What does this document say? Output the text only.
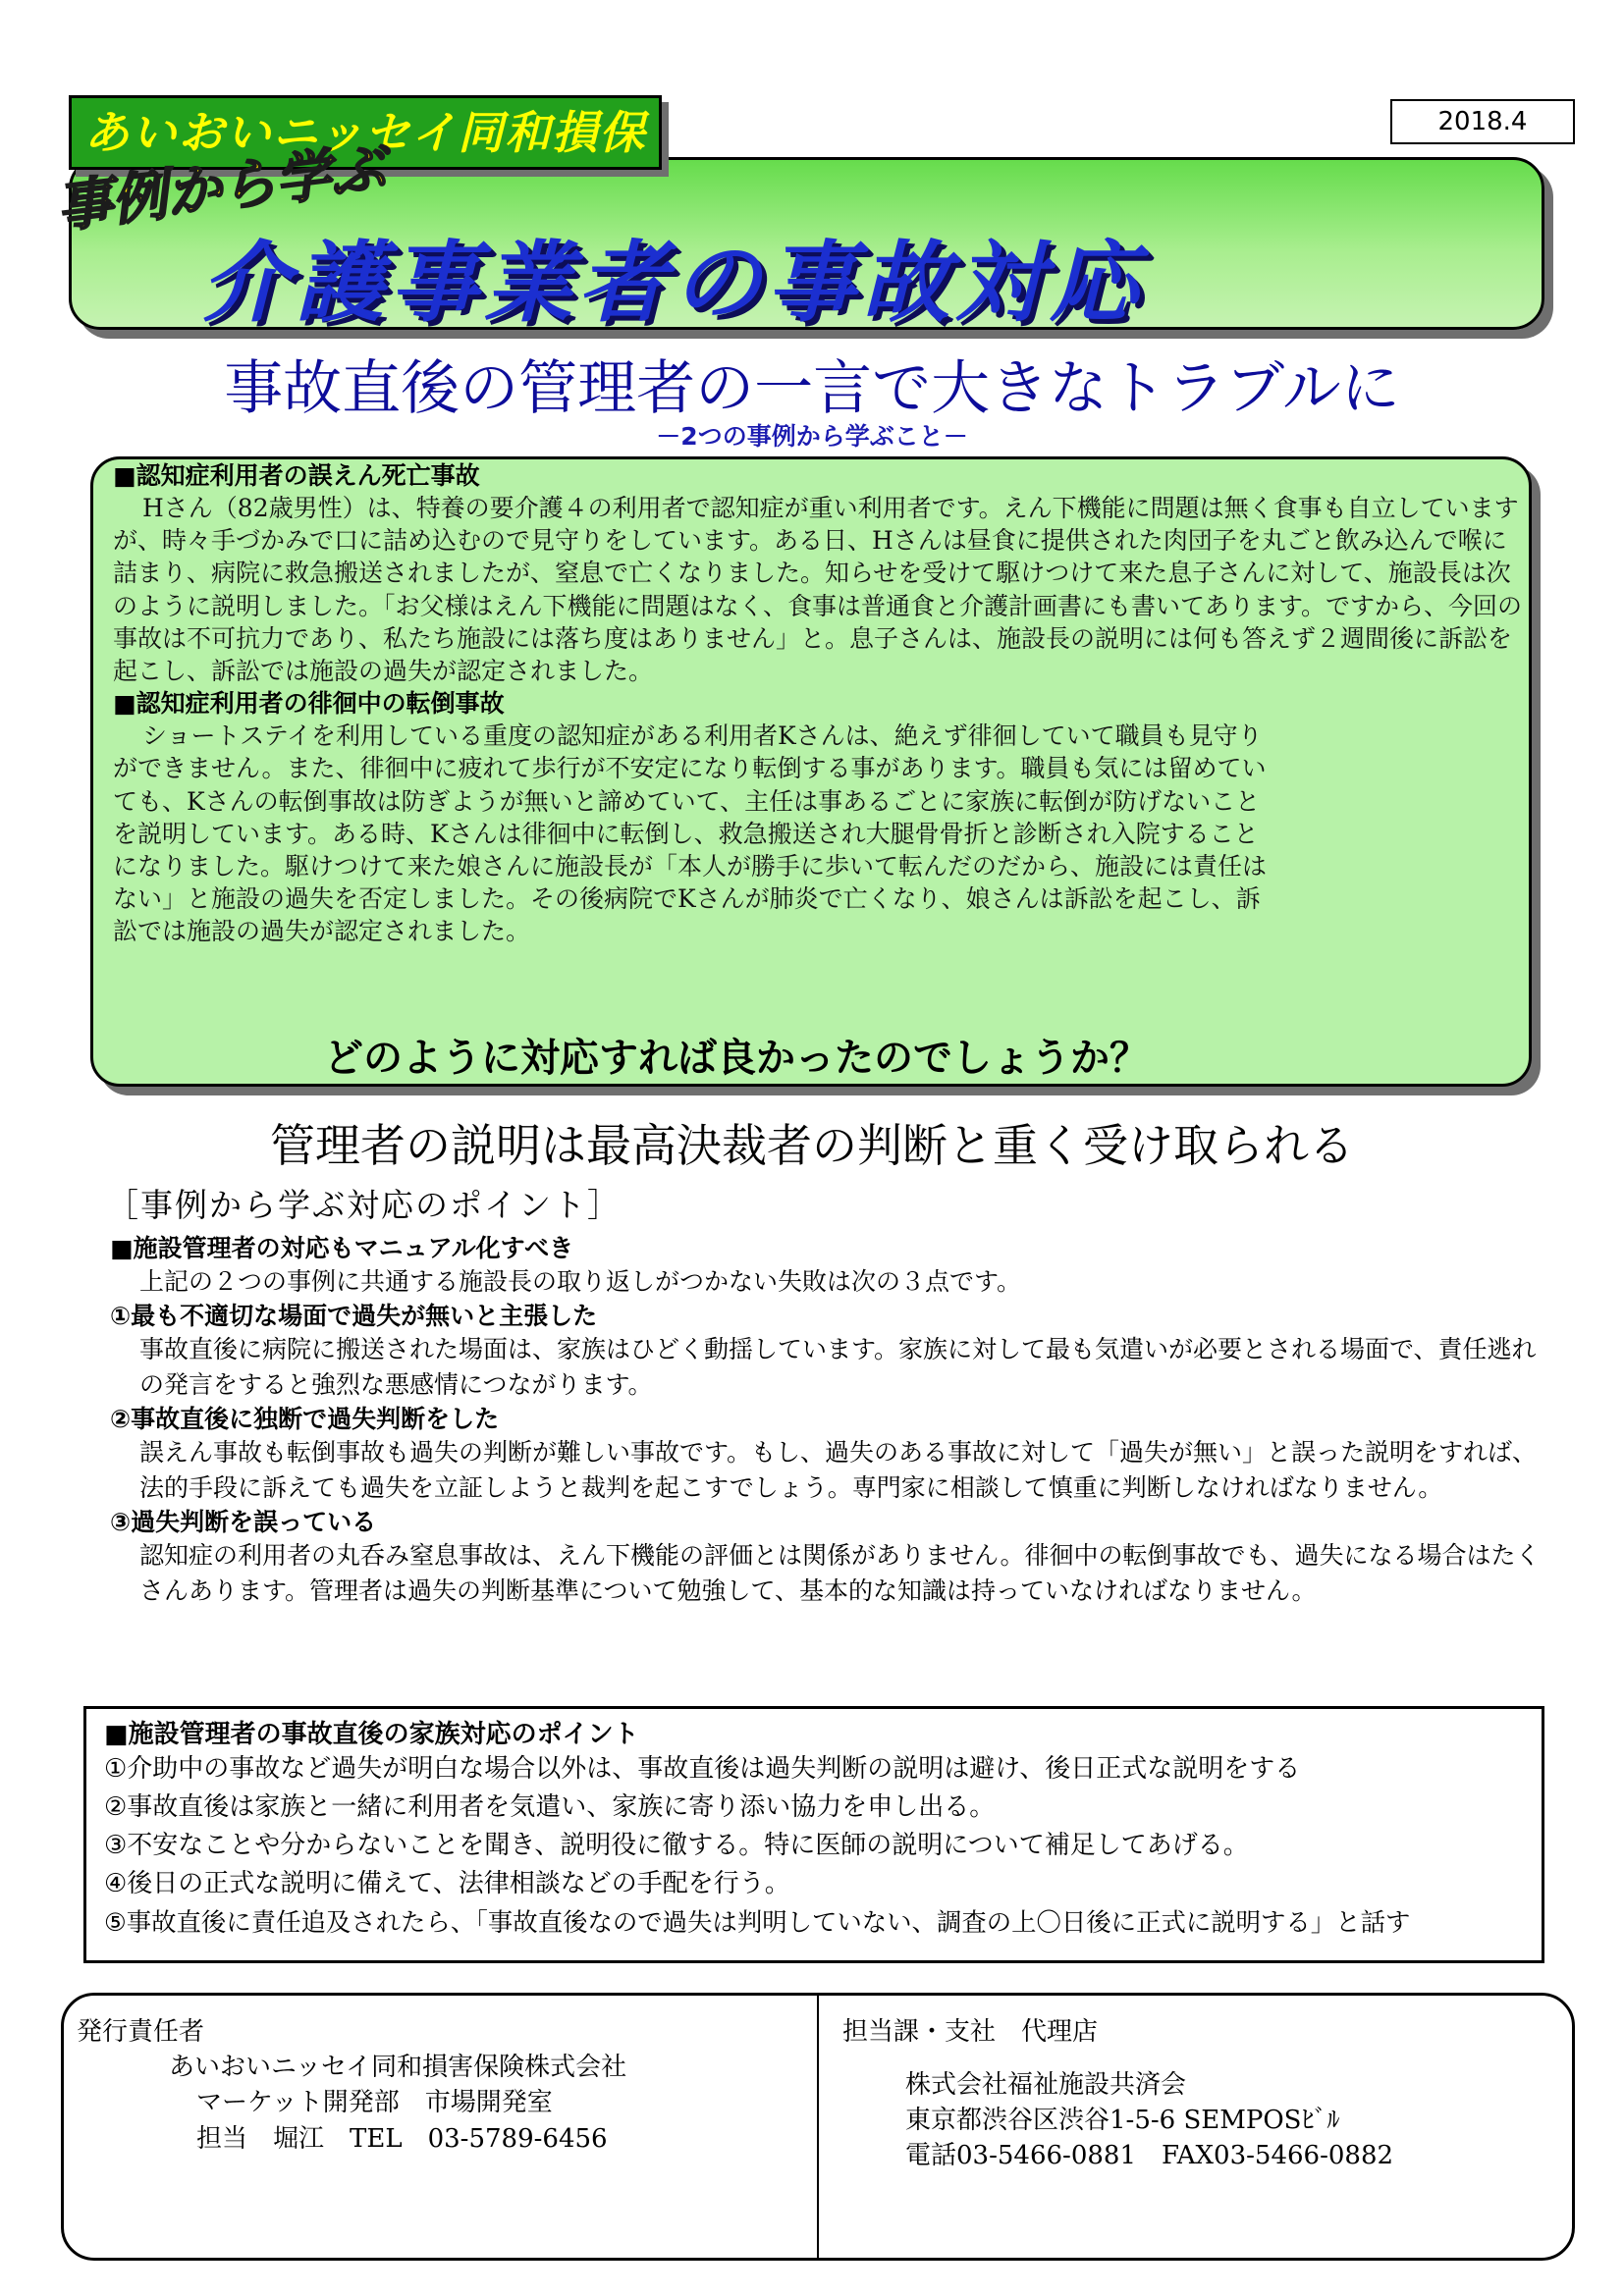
2018.4
あいおいニッセイ同和損保
事例から学ぶ
介護事業者の事故対応
事故直後の管理者の一言で大きなトラブルに
－2つの事例から学ぶこと－
■認知症利用者の誤えん死亡事故
Hさん（82歳男性）は、特養の要介護４の利用者で認知症が重い利用者です。えん下機能に問題は無く食事も自立していますが、時々手づかみで口に詰め込むので見守りをしています。ある日、Hさんは昼食に提供された肉団子を丸ごと飲み込んで喉に詰まり、病院に救急搬送されましたが、窒息で亡くなりました。知らせを受けて駆けつけて来た息子さんに対して、施設長は次のように説明しました。「お父様はえん下機能に問題はなく、食事は普通食と介護計画書にも書いてあります。ですから、今回の事故は不可抗力であり、私たち施設には落ち度はありません」と。息子さんは、施設長の説明には何も答えず２週間後に訴訟を起こし、訴訟では施設の過失が認定されました。
■認知症利用者の徘徊中の転倒事故
ショートステイを利用している重度の認知症がある利用者Kさんは、絶えず徘徊していて職員も見守りができません。また、徘徊中に疲れて歩行が不安定になり転倒する事があります。職員も気には留めていても、Kさんの転倒事故は防ぎようが無いと諦めていて、主任は事あるごとに家族に転倒が防げないことを説明しています。ある時、Kさんは徘徊中に転倒し、救急搬送され大腿骨骨折と診断され入院することになりました。駆けつけて来た娘さんに施設長が「本人が勝手に歩いて転んだのだから、施設には責任はない」と施設の過失を否定しました。その後病院でKさんが肺炎で亡くなり、娘さんは訴訟を起こし、訴訟では施設の過失が認定されました。
どのように対応すれば良かったのでしょうか？
管理者の説明は最高決裁者の判断と重く受け取られる
［事例から学ぶ対応のポイント］
■施設管理者の対応もマニュアル化すべき
上記の２つの事例に共通する施設長の取り返しがつかない失敗は次の３点です。
①最も不適切な場面で過失が無いと主張した
事故直後に病院に搬送された場面は、家族はひどく動揺しています。家族に対して最も気遣いが必要とされる場面で、責任逃れの発言をすると強烈な悪感情につながります。
②事故直後に独断で過失判断をした
誤えん事故も転倒事故も過失の判断が難しい事故です。もし、過失のある事故に対して「過失が無い」と誤った説明をすれば、法的手段に訴えても過失を立証しようと裁判を起こすでしょう。専門家に相談して慎重に判断しなければなりません。
③過失判断を誤っている
認知症の利用者の丸呑み窒息事故は、えん下機能の評価とは関係がありません。徘徊中の転倒事故でも、過失になる場合はたくさんあります。管理者は過失の判断基準について勉強して、基本的な知識は持っていなければなりません。
■施設管理者の事故直後の家族対応のポイント
①介助中の事故など過失が明白な場合以外は、事故直後は過失判断の説明は避け、後日正式な説明をする
②事故直後は家族と一緒に利用者を気遣い、家族に寄り添い協力を申し出る。
③不安なことや分からないことを聞き、説明役に徹する。特に医師の説明について補足してあげる。
④後日の正式な説明に備えて、法律相談などの手配を行う。
⑤事故直後に責任追及されたら、「事故直後なので過失は判明していない、調査の上〇日後に正式に説明する」と話す
発行責任者
あいおいニッセイ同和損害保険株式会社
マーケット開発部　市場開発室
担当　堀江　TEL　03-5789-6456
担当課・支社　代理店
株式会社福祉施設共済会
東京都渋谷区渋谷1-5-6 SEMPOSﾋﾞﾙ
電話03-5466-0881　FAX03-5466-0882
